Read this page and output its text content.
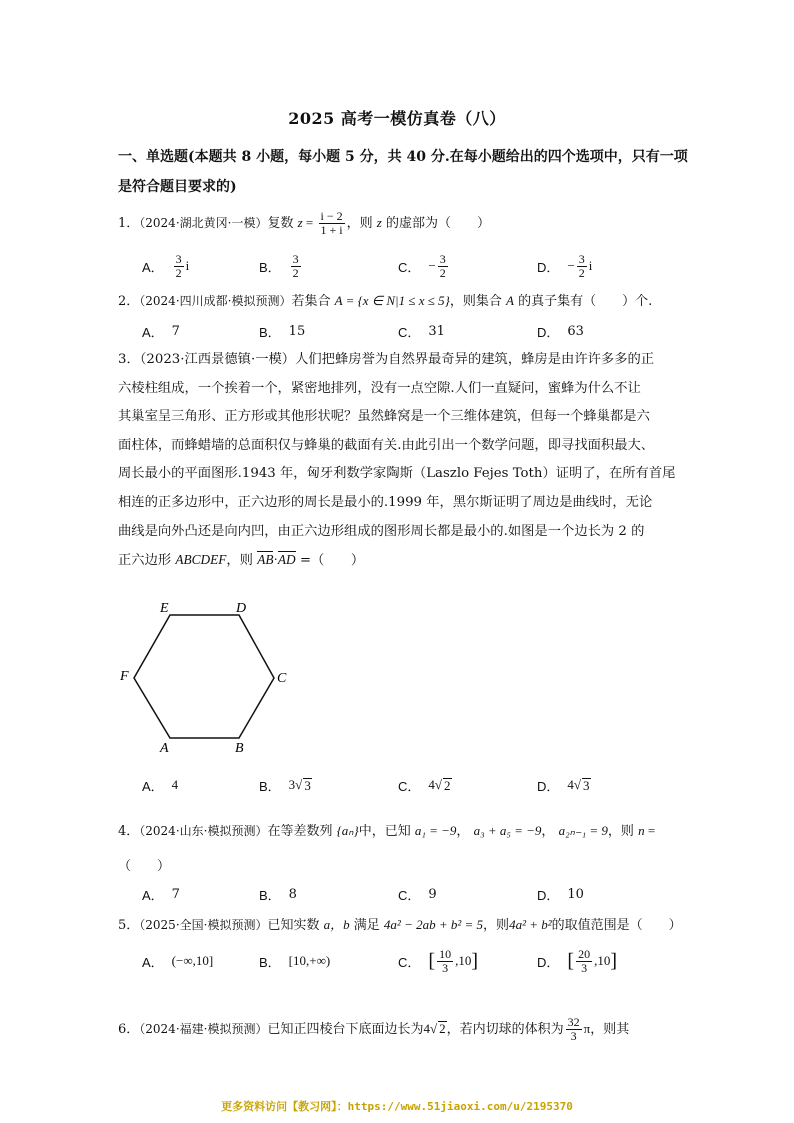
2025 高考一模仿真卷（八）
一、单选题(本题共 8 小题，每小题 5 分，共 40 分.在每小题给出的四个选项中，只有一项是符合题目要求的)
1．（2024·湖北黄冈·一模）复数 $z = \frac{i - 2}{1 + i}$ ，则 z 的虚部为（　　）
A． $\frac{3}{2}$ i	B． $\frac{3}{2}$	C． − $\frac{3}{2}$	D． − $\frac{3}{2}$ i
2．（2024·四川成都·模拟预测）若集合 A = {x ∈ N|1 ≤ x ≤ 5}，则集合 A 的真子集有（　　）个.
A． 7	B． 15	C． 31	D． 63
3．（2023·江西景德镇·一模）人们把蜂房誉为自然界最奇异的建筑，蜂房是由许许多多的正
六棱柱组成，一个挨着一个，紧密地排列，没有一点空隙.人们一直疑问，蜜蜂为什么不让
其巢室呈三角形、正方形或其他形状呢？虽然蜂窝是一个三维体建筑，但每一个蜂巢都是六
面柱体，而蜂蜡墙的总面积仅与蜂巢的截面有关.由此引出一个数学问题，即寻找面积最大、
周长最小的平面图形.1943 年，匈牙利数学家陶斯（Laszlo Fejes Toth）证明了，在所有首尾
相连的正多边形中，正六边形的周长是最小的.1999 年，黑尔斯证明了周边是曲线时，无论
曲线是向外凸还是向内凹，由正六边形组成的图形周长都是最小的.如图是一个边长为 2 的
正六边形 ABCDEF，则 AB·AD =（　　）
E	D
F	C
A	B
A． 4	B． 3 √ 3	C． 4 √ 2	D． 4 √ 3
4．（2024·山东·模拟预测）在等差数列 {aₙ}中，已知 a₁ = −9， a₃ + a₅ = −9， a₂ₙ₋₁ = 9，则 n =
（　　）
A． 7	B． 8	C． 9	D． 10
5．（2025·全国·模拟预测）已知实数 a，b 满足 4a² − 2ab + b² = 5，则4a² + b²的取值范围是（　　）
A． (−∞,10]	B． [10,+∞)	C． [ $\frac{10}{3} ,10$ ]	D． [ $\frac{20}{3} ,10$ ]
6．（2024·福建·模拟预测）已知正四棱台下底面边长为4√ 2，若内切球的体积为 $\frac{32}{3}$ π，则其
更多资料访问【教习网】：https://www.51jiaoxi.com/u/2195370
